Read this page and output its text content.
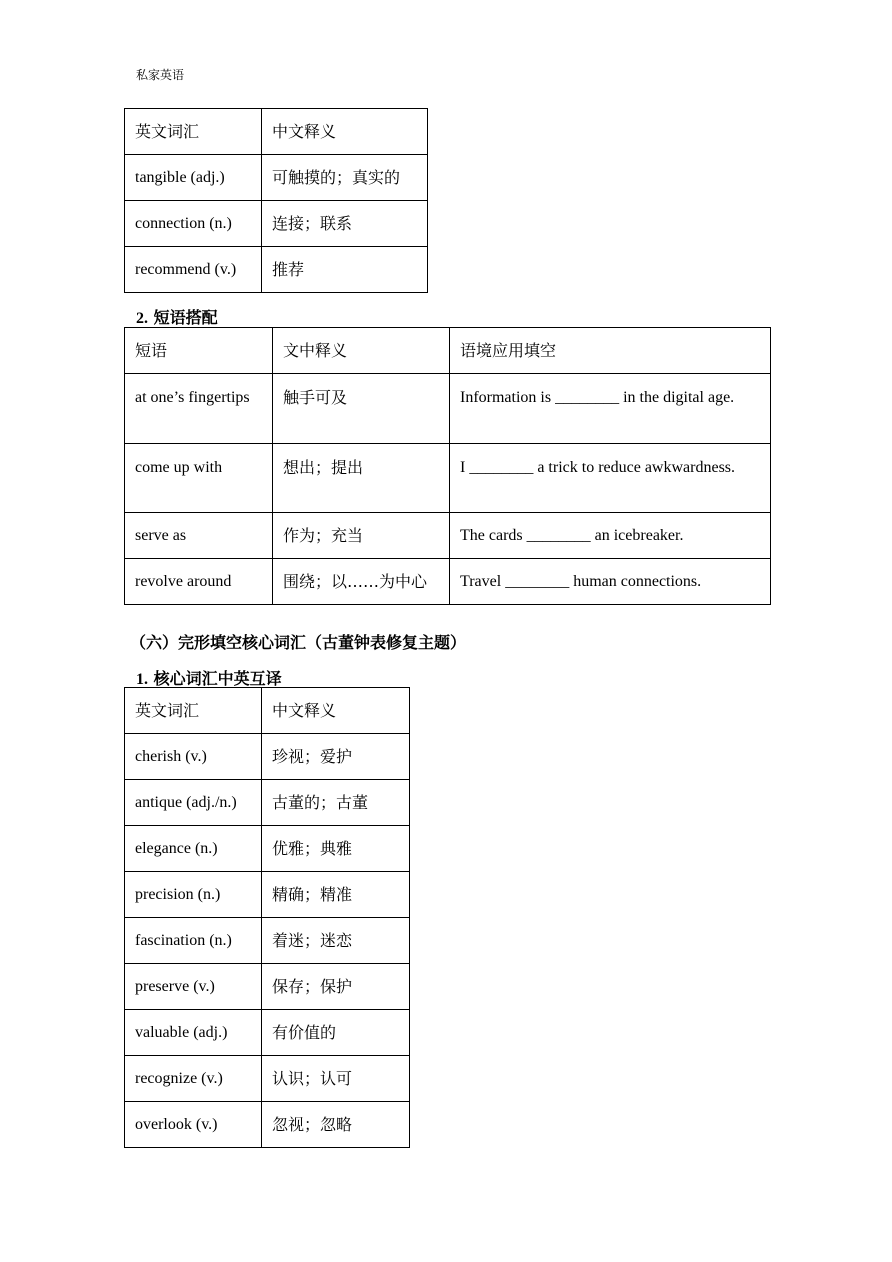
私家英语
英文词汇	中文释义
tangible (adj.)	可触摸的；真实的
connection (n.)	连接；联系
recommend (v.)	推荐
2. 短语搭配
短语	文中释义	语境应用填空
at one’s fingertips	触手可及	Information is ________ in the digital age.
come up with	想出；提出	I ________ a trick to reduce awkwardness.
serve as	作为；充当	The cards ________ an icebreaker.
revolve around	围绕；以……为中心	Travel ________ human connections.
（六）完形填空核心词汇（古董钟表修复主题）
1. 核心词汇中英互译
英文词汇	中文释义
cherish (v.)	珍视；爱护
antique (adj./n.)	古董的；古董
elegance (n.)	优雅；典雅
precision (n.)	精确；精准
fascination (n.)	着迷；迷恋
preserve (v.)	保存；保护
valuable (adj.)	有价值的
recognize (v.)	认识；认可
overlook (v.)	忽视；忽略
